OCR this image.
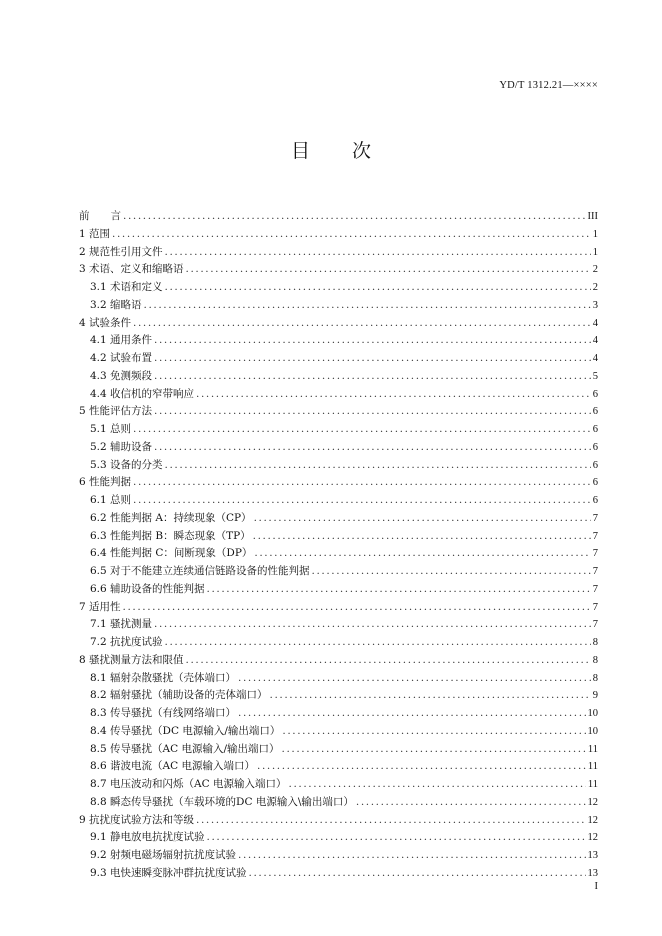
YD/T 1312.21—××××
目 次
前　　言 .....	III
1 范围 .....	1
2 规范性引用文件 .....	1
3 术语、定义和缩略语 .....	2
3.1 术语和定义 .....	2
3.2 缩略语 .....	3
4 试验条件 .....	4
4.1 通用条件 .....	4
4.2 试验布置 .....	4
4.3 免测频段 .....	5
4.4 收信机的窄带响应 .....	6
5 性能评估方法 .....	6
5.1 总则 .....	6
5.2 辅助设备 .....	6
5.3 设备的分类 .....	6
6 性能判据 .....	6
6.1 总则 .....	6
6.2 性能判据 A：持续现象（CP） .....	7
6.3 性能判据 B：瞬态现象（TP） .....	7
6.4 性能判据 C：间断现象（DP） .....	7
6.5 对于不能建立连续通信链路设备的性能判据 .....	7
6.6 辅助设备的性能判据 .....	7
7 适用性 .....	7
7.1 骚扰测量 .....	7
7.2 抗扰度试验 .....	8
8 骚扰测量方法和限值 .....	8
8.1 辐射杂散骚扰（壳体端口） .....	8
8.2 辐射骚扰（辅助设备的壳体端口） .....	9
8.3 传导骚扰（有线网络端口） .....	10
8.4 传导骚扰（DC 电源输入/输出端口） .....	10
8.5 传导骚扰（AC 电源输入/输出端口） .....	11
8.6 谐波电流（AC 电源输入端口） .....	11
8.7 电压波动和闪烁（AC 电源输入端口） .....	11
8.8 瞬态传导骚扰（车载环境的DC 电源输入\输出端口） .....	12
9 抗扰度试验方法和等级 .....	12
9.1 静电放电抗扰度试验 .....	12
9.2 射频电磁场辐射抗扰度试验 .....	13
9.3 电快速瞬变脉冲群抗扰度试验 .....	13
I
